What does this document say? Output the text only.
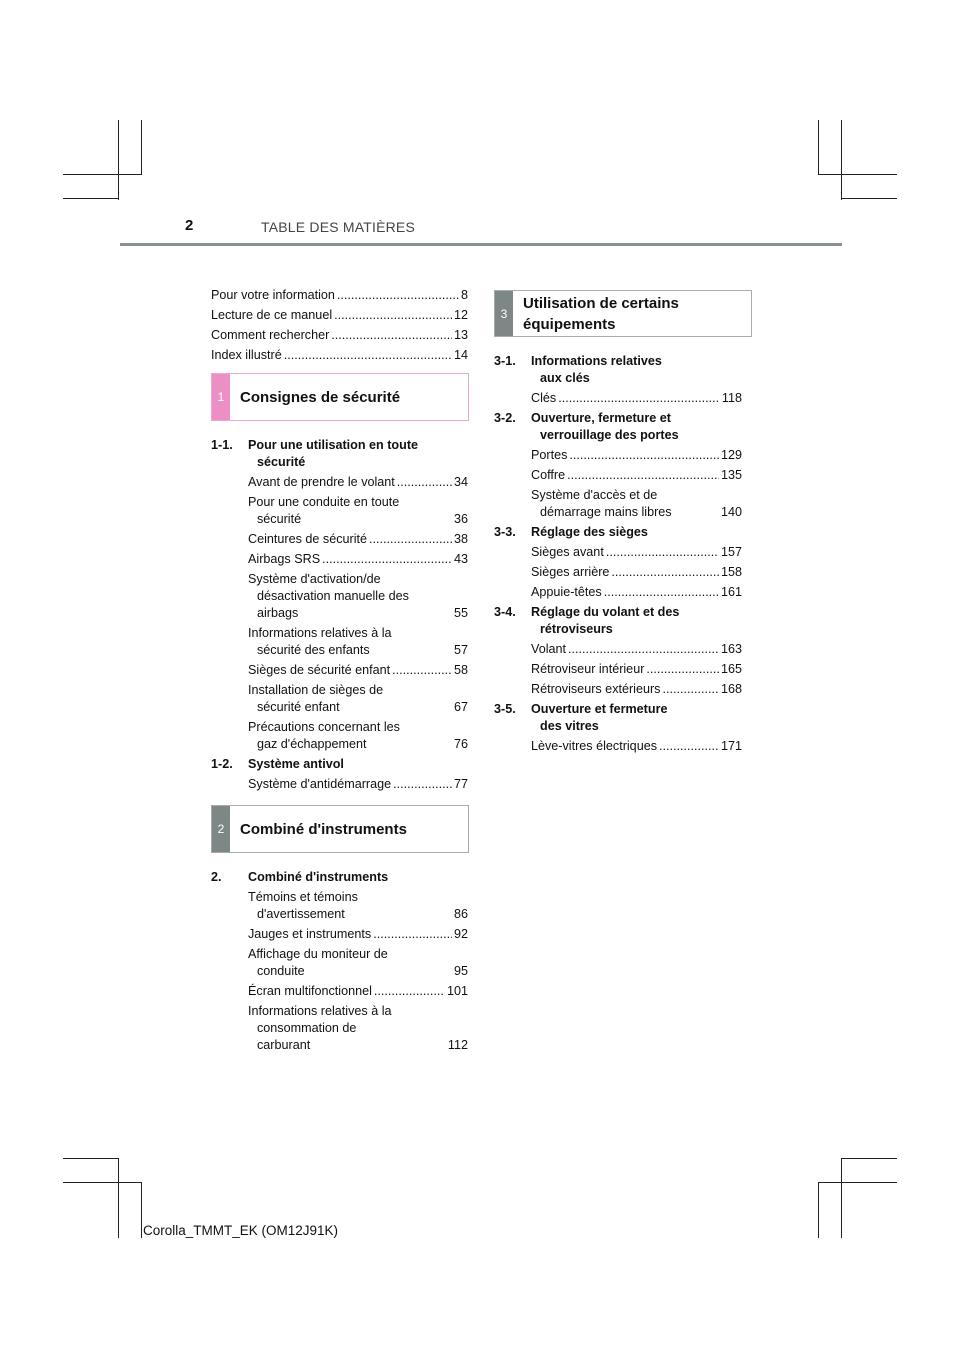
2	TABLE DES MATIÈRES
1	Consignes de sécurité
2	Combiné d'instruments
3
Utilisation de certains
équipements
Pour votre information .....	8
Lecture de ce manuel .....	12
Comment rechercher .....	13
Index illustré .....	14
1-1.	Pour une utilisation en toute
sécurité
Avant de prendre le volant .....	34
Pour une conduite en toute
sécurité
.....	36
Ceintures de sécurité .....	38
Airbags SRS .....	43
Système d'activation/de
désactivation manuelle des
airbags
.....	55
Informations relatives à la
sécurité des enfants
.....	57
Sièges de sécurité enfant .....	58
Installation de sièges de
sécurité enfant
.....	67
Précautions concernant les
gaz d'échappement
.....	76
1-2.	Système antivol
Système d'antidémarrage .....	77
2.	Combiné d'instruments
Témoins et témoins
d'avertissement
.....	86
Jauges et instruments .....	92
Affichage du moniteur de
conduite
.....	95
Écran multifonctionnel .....	101
Informations relatives à la
consommation de
carburant
.....	112
3-1.	Informations relatives
aux clés
Clés .....	118
3-2.	Ouverture, fermeture et
verrouillage des portes
Portes .....	129
Coffre .....	135
Système d'accès et de
démarrage mains libres
.....	140
3-3.	Réglage des sièges
Sièges avant .....	157
Sièges arrière .....	158
Appuie-têtes .....	161
3-4.	Réglage du volant et des
rétroviseurs
Volant .....	163
Rétroviseur intérieur .....	165
Rétroviseurs extérieurs .....	168
3-5.	Ouverture et fermeture
des vitres
Lève-vitres électriques .....	171
Corolla_TMMT_EK (OM12J91K)
